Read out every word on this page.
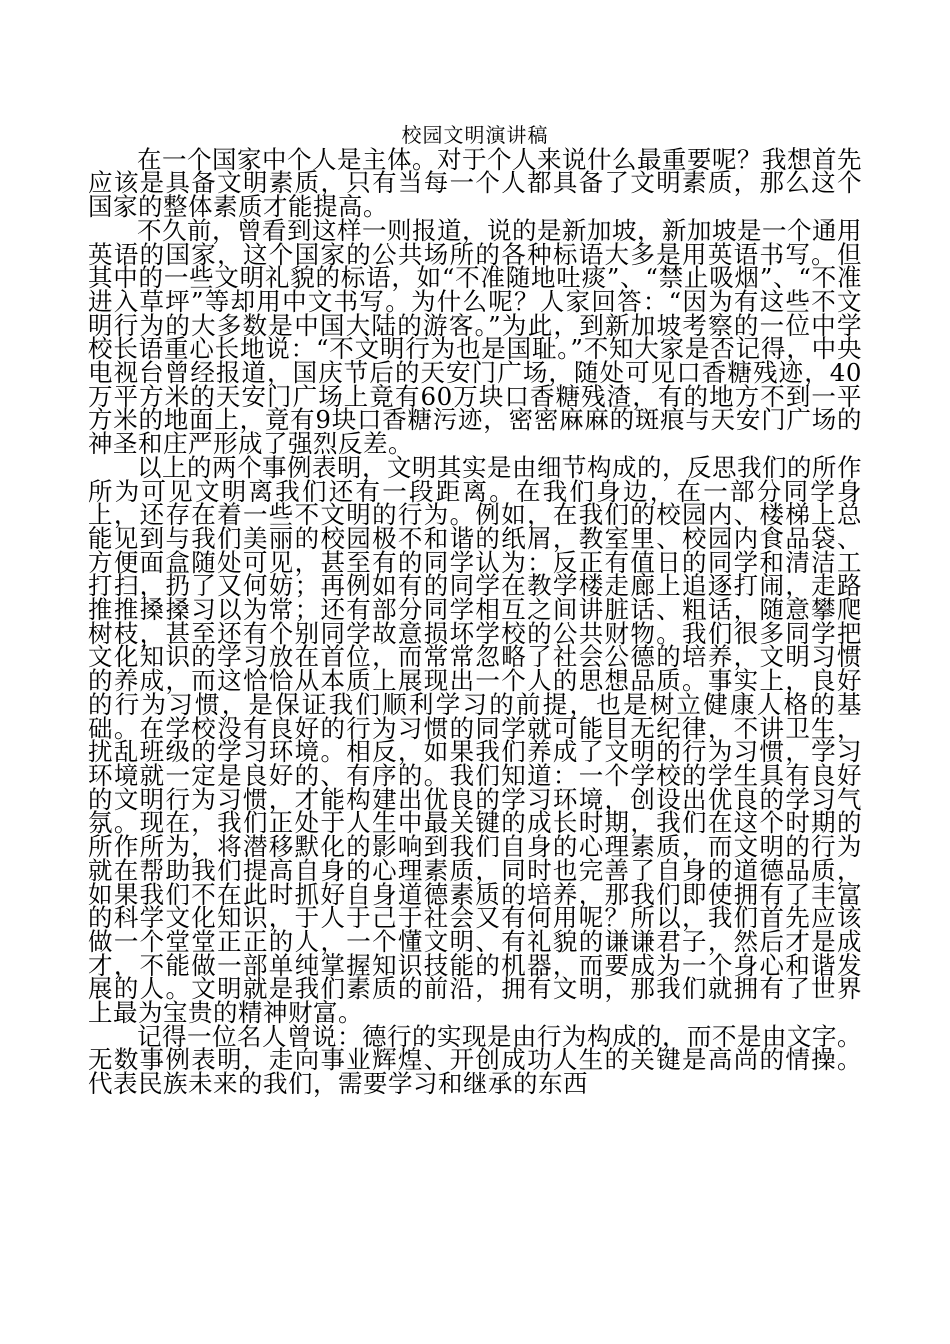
校园文明演讲稿

在一个国家中个人是主体。对于个人来说什么最重要呢？我想首先应该是具备文明素质，只有当每一个人都具备了文明素质，那么这个国家的整体素质才能提高。

不久前，曾看到这样一则报道，说的是新加坡，新加坡是一个通用英语的国家，这个国家的公共场所的各种标语大多是用英语书写。但其中的一些文明礼貌的标语，如“不准随地吐痰”、“禁止吸烟”、“不准进入草坪”等却用中文书写。为什么呢？人家回答：“因为有这些不文明行为的大多数是中国大陆的游客。”为此，到新加坡考察的一位中学校长语重心长地说：“不文明行为也是国耻。”不知大家是否记得，中央电视台曾经报道，国庆节后的天安门广场，随处可见口香糖残迹，40万平方米的天安门广场上竟有60万块口香糖残渣，有的地方不到一平方米的地面上，竟有9块口香糖污迹，密密麻麻的斑痕与天安门广场的神圣和庄严形成了强烈反差。

以上的两个事例表明，文明其实是由细节构成的，反思我们的所作所为可见文明离我们还有一段距离。在我们身边，在一部分同学身上，还存在着一些不文明的行为。例如，在我们的校园内、楼梯上总能见到与我们美丽的校园极不和谐的纸屑，教室里、校园内食品袋、方便面盒随处可见，甚至有的同学认为：反正有值日的同学和清洁工打扫，扔了又何妨；再例如有的同学在教学楼走廊上追逐打闹，走路推推搡搡习以为常；还有部分同学相互之间讲脏话、粗话，随意攀爬树枝，甚至还有个别同学故意损坏学校的公共财物。我们很多同学把文化知识的学习放在首位，而常常忽略了社会公德的培养，文明习惯的养成，而这恰恰从本质上展现出一个人的思想品质。事实上，良好的行为习惯，是保证我们顺利学习的前提，也是树立健康人格的基础。在学校没有良好的行为习惯的同学就可能目无纪律，不讲卫生，扰乱班级的学习环境。相反，如果我们养成了文明的行为习惯，学习环境就一定是良好的、有序的。我们知道：一个学校的学生具有良好的文明行为习惯，才能构建出优良的学习环境，创设出优良的学习气氛。现在，我们正处于人生中最关键的成长时期，我们在这个时期的所作所为，将潜移默化的影响到我们自身的心理素质，而文明的行为就在帮助我们提高自身的心理素质，同时也完善了自身的道德品质，如果我们不在此时抓好自身道德素质的培养，那我们即使拥有了丰富的科学文化知识，于人于己于社会又有何用呢？所以，我们首先应该做一个堂堂正正的人，一个懂文明、有礼貌的谦谦君子，然后才是成才，不能做一部单纯掌握知识技能的机器，而要成为一个身心和谐发展的人。文明就是我们素质的前沿，拥有文明，那我们就拥有了世界上最为宝贵的精神财富。

记得一位名人曾说：德行的实现是由行为构成的，而不是由文字。无数事例表明，走向事业辉煌、开创成功人生的关键是高尚的情操。代表民族未来的我们，需要学习和继承的东西
